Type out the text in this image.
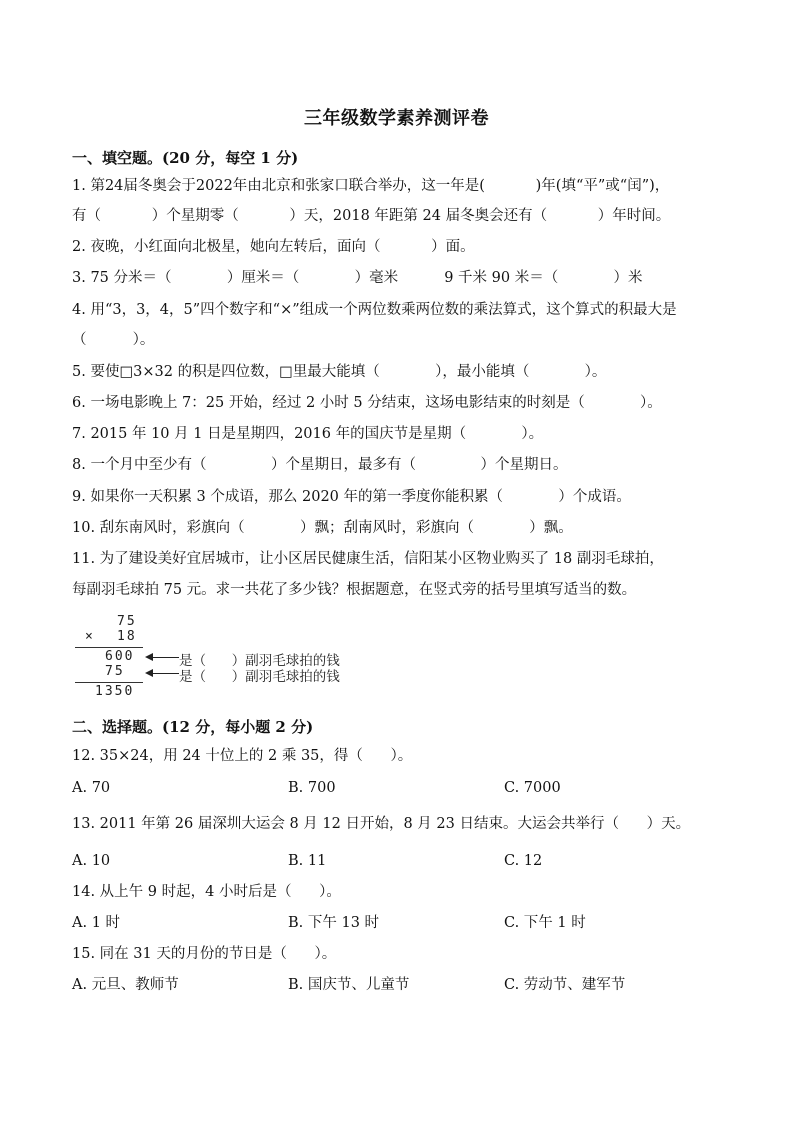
三年级数学素养测评卷
一、填空题。(20 分，每空 1 分)
1. 第24届冬奥会于2022年由北京和张家口联合举办，这一年是(           )年(填“平”或“闰”)，
有（           ）个星期零（           ）天，2018 年距第 24 届冬奥会还有（           ）年时间。
2. 夜晚，小红面向北极星，她向左转后，面向（           ）面。
3. 75 分米＝（            ）厘米＝（            ）毫米          9 千米 90 米＝（            ）米
4. 用“3，3，4，5”四个数字和“×”组成一个两位数乘两位数的乘法算式，这个算式的积最大是
（          ）。
5. 要使□3×32 的积是四位数，□里最大能填（            ），最小能填（            ）。
6. 一场电影晚上 7：25 开始，经过 2 小时 5 分结束，这场电影结束的时刻是（            ）。
7. 2015 年 10 月 1 日是星期四，2016 年的国庆节是星期（            ）。
8. 一个月中至少有（              ）个星期日，最多有（              ）个星期日。
9. 如果你一天积累 3 个成语，那么 2020 年的第一季度你能积累（            ）个成语。
10. 刮东南风时，彩旗向（            ）飘；刮南风时，彩旗向（            ）飘。
11. 为了建设美好宜居城市，让小区居民健康生活，信阳某小区物业购买了 18 副羽毛球拍，
每副羽毛球拍 75 元。求一共花了多少钱？根据题意，在竖式旁的括号里填写适当的数。
75
× 18
600
75
1350
是（      ）副羽毛球拍的钱
是（      ）副羽毛球拍的钱
二、选择题。(12 分，每小题 2 分)
12. 35×24，用 24 十位上的 2 乘 35，得（      ）。
A. 70	B. 700	C. 7000
13. 2011 年第 26 届深圳大运会 8 月 12 日开始，8 月 23 日结束。大运会共举行（      ）天。
A. 10	B. 11	C. 12
14. 从上午 9 时起，4 小时后是（      ）。
A. 1 时	B. 下午 13 时	C. 下午 1 时
15. 同在 31 天的月份的节日是（      ）。
A. 元旦、教师节	B. 国庆节、儿童节	C. 劳动节、建军节
